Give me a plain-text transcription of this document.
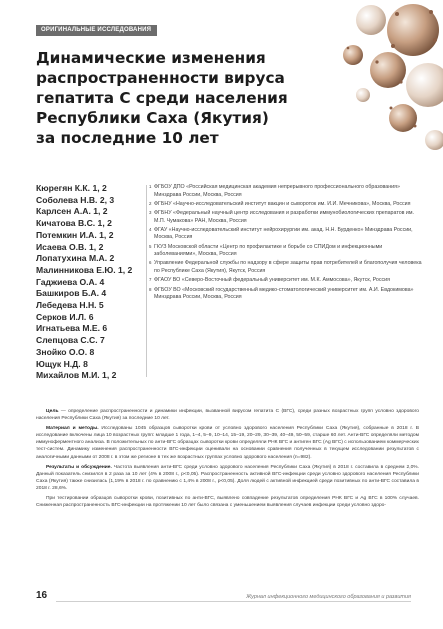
ОРИГИНАЛЬНЫЕ ИССЛЕДОВАНИЯ
Динамические изменения
распространенности вируса
гепатита С среди населения
Республики Саха (Якутия)
за последние 10 лет
Кюрегян К.К. 1, 2
Соболева Н.В. 2, 3
Карлсен А.А. 1, 2
Кичатова В.С. 1, 2
Потемкин И.А. 1, 2
Исаева О.В. 1, 2
Лопатухина М.А. 2
Малинникова Е.Ю. 1, 2
Гаджиева О.А. 4
Башкиров Б.А. 4
Лебедева Н.Н. 5
Серков И.Л. 6
Игнатьева М.Е. 6
Слепцова С.С. 7
Знойко О.О. 8
Ющук Н.Д. 8
Михайлов М.И. 1, 2
1 ФГБОУ ДПО «Российская медицинская академия непрерывного профессионального образования» Минздрава России, Москва, Россия
2 ФГБНУ «Научно-исследовательский институт вакцин и сывороток им. И.И. Мечникова», Москва, Россия
3 ФГБНУ «Федеральный научный центр исследования и разработки иммунобиологических препаратов им. М.П. Чумакова» РАН, Москва, Россия
4 ФГАУ «Научно-исследовательский институт нейрохирургии им. акад. Н.Н. Бурденко» Минздрава России, Москва, Россия
5 ГКУЗ Московской области «Центр по профилактике и борьбе со СПИДом и инфекционными заболеваниями», Москва, Россия
6 Управление Федеральной службы по надзору в сфере защиты прав потребителей и благополучия человека по Республике Саха (Якутия), Якутск, Россия
7 ФГАОУ ВО «Северо-Восточный федеральный университет им. М.К. Аммосова», Якутск, Россия
8 ФГБОУ ВО «Московский государственный медико-стоматологический университет им. А.И. Евдокимова» Минздрава России, Москва, Россия

Цель — определение распространенности и динамики инфекции, вызванной вирусом гепатита С (ВГС), среди разных возрастных групп условно здорового населения Республики Саха (Якутия) за последние 10 лет.

Материал и методы. Исследованы 1045 образцов сыворотки крови от условно здорового населения Республики Саха (Якутия), собранные в 2018 г. В исследование включены лица 10 возрастных групп: младше 1 года, 1–4, 5–9, 10–14, 15–19, 20–29, 30–39, 40–49, 50–59, старше 60 лет. Анти-ВГС определяли методом иммуноферментного анализа. В положительных по анти-ВГС образцах сыворотки крови определяли РНК ВГС и антиген ВГС (Ag ВГС) с использованием коммерческих тест-систем. Динамику изменения распространенности ВГС-инфекции оценивали на основании сравнения полученных в текущем исследовании результатов с аналогичными данными от 2008 г. в этом же регионе в тех же возрастных группах условно здорового населения (n=982).

Результаты и обсуждение. Частота выявления анти-ВГС среди условно здорового населения Республики Саха (Якутия) в 2018 г. составила в среднем 2,0%. Данный показатель снизился в 2 раза за 10 лет (4% в 2008 г., p<0,05). Распространенность активной ВГС-инфекции среди условно здорового населения Республики Саха (Якутия) также снизилась (1,19% в 2018 г. по сравнению с 1,4% в 2008 г., p<0,05). Доля людей с активной инфекцией среди позитивных по анти-ВГС составила в 2018 г. 28,6%.

При тестировании образцов сыворотки крови, позитивных по анти-ВГС, выявлено совпадение результатов определения РНК ВГС и Ag ВГС в 100% случаев. Сниженная распространенность ВГС-инфекции на протяжении 10 лет было связана с уменьшением выявления случаев инфекции среди условно здоро-

16	Журнал инфекционного медицинского образования и развития
